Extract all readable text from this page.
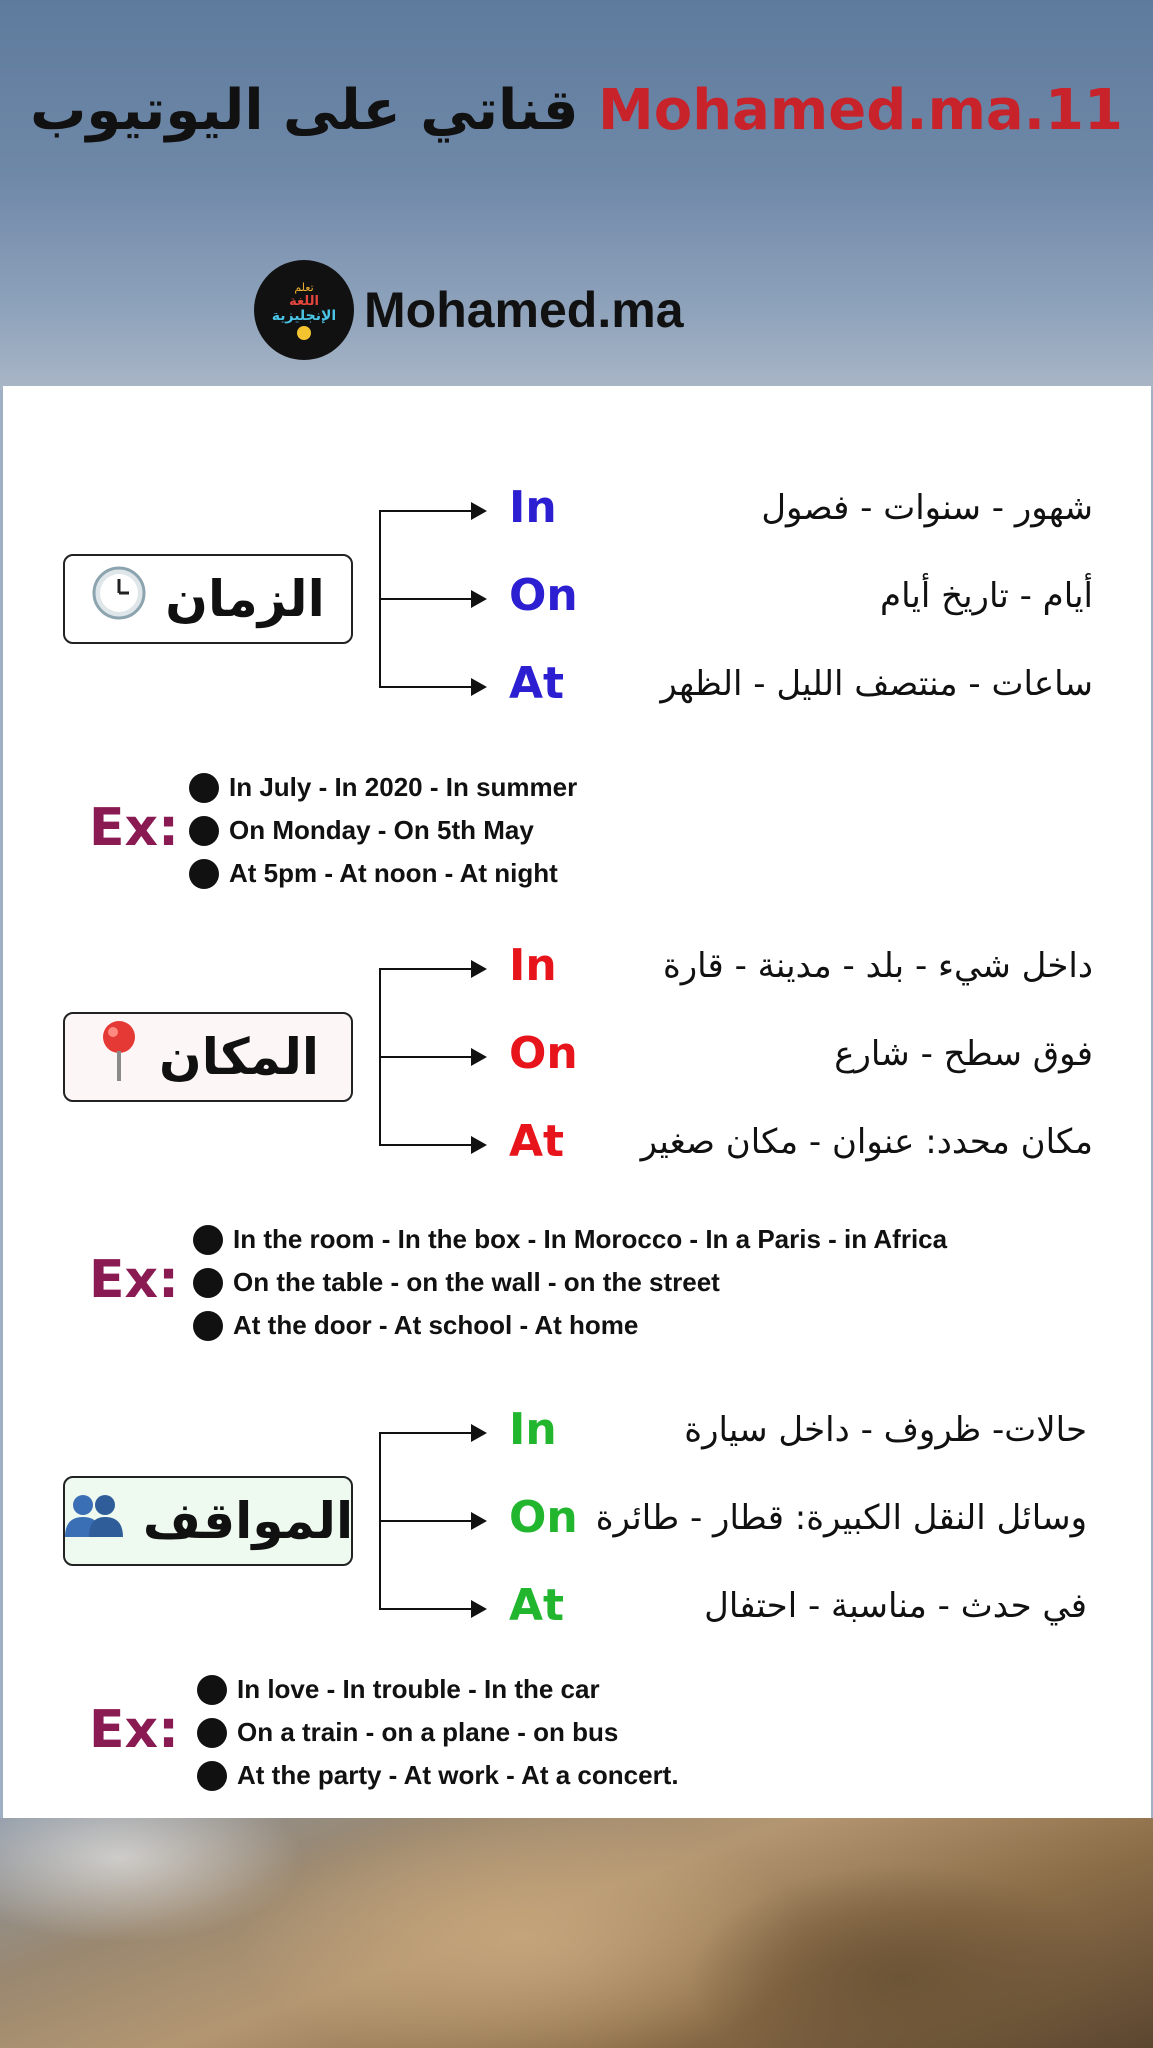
قناتي على اليوتيوب Mohamed.ma.11
تعلم
اللغة
الإنجليزية Mohamed.ma
الزمان
In
On
At
شهور - سنوات - فصول
أيام - تاريخ أيام
ساعات - منتصف الليل - الظهر
Ex:
In July - In 2020 - In summer
On Monday - On 5th May
At 5pm - At noon - At night
المكان
In
On
At
داخل شيء - بلد - مدينة - قارة
فوق سطح - شارع
مكان محدد: عنوان - مكان صغير
Ex:
In the room - In the box - In Morocco - In a Paris - in Africa
On the table - on the wall - on the street
At the door - At school - At home
المواقف
In
On
At
حالات- ظروف - داخل سيارة
وسائل النقل الكبيرة: قطار - طائرة
في حدث - مناسبة - احتفال
Ex:
In love - In trouble - In the car
On a train - on a plane - on bus
At the party - At work - At a concert.
